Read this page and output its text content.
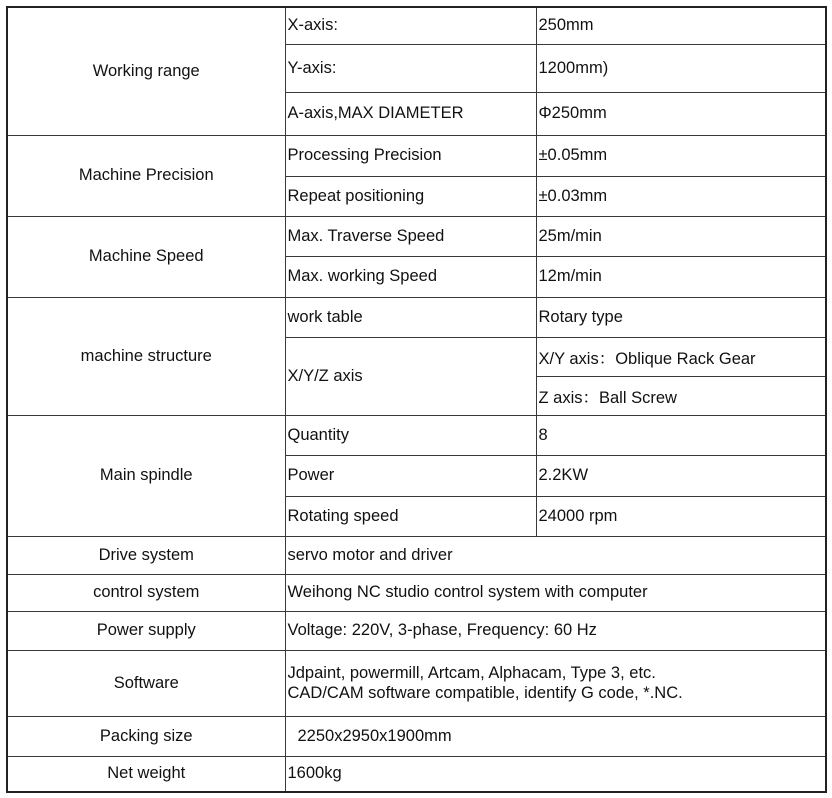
Working range	X-axis:	250mm
	Y-axis:	1200mm)
	A-axis,MAX DIAMETER	Φ250mm
Machine Precision	Processing Precision	±0.05mm
	Repeat positioning	±0.03mm
Machine Speed	Max. Traverse Speed	25m/min
	Max. working Speed	12m/min
machine structure	work table	Rotary type
	X/Y/Z axis	X/Y axis：Oblique Rack Gear
		Z axis：Ball Screw
Main spindle	Quantity	8
	Power	2.2KW
	Rotating speed	24000 rpm
Drive system	servo motor and driver	
control system	Weihong NC studio control system with computer	
Power supply	Voltage: 220V, 3-phase, Frequency: 60 Hz	
Software	Jdpaint, powermill, Artcam, Alphacam, Type 3, etc.
CAD/CAM software compatible, identify G code, *.NC.	

Packing size	2250x2950x1900mm	
Net weight	1600kg	
